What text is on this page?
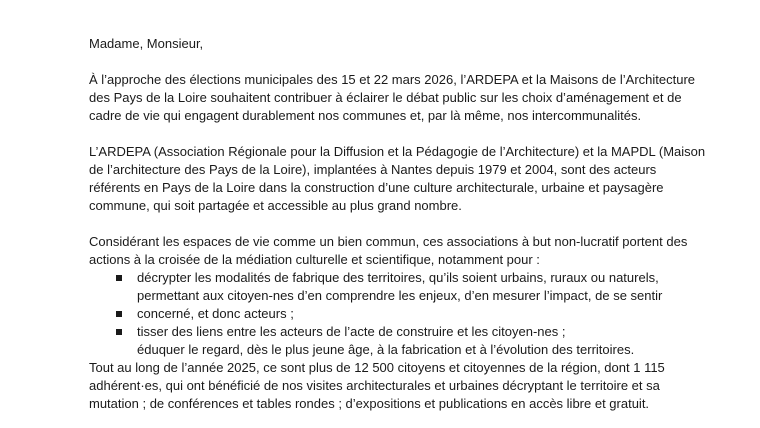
Madame, Monsieur,
À l’approche des élections municipales des 15 et 22 mars 2026, l’ARDEPA et la Maisons de l’Architecture
des Pays de la Loire souhaitent contribuer à éclairer le débat public sur les choix d’aménagement et de
cadre de vie qui engagent durablement nos communes et, par là même, nos intercommunalités.
L’ARDEPA (Association Régionale pour la Diffusion et la Pédagogie de l’Architecture) et la MAPDL (Maison
de l’architecture des Pays de la Loire), implantées à Nantes depuis 1979 et 2004, sont des acteurs
référents en Pays de la Loire dans la construction d’une culture architecturale, urbaine et paysagère
commune, qui soit partagée et accessible au plus grand nombre.
Considérant les espaces de vie comme un bien commun, ces associations à but non-lucratif portent des
actions à la croisée de la médiation culturelle et scientifique, notamment pour :
décrypter les modalités de fabrique des territoires, qu’ils soient urbains, ruraux ou naturels,
permettant aux citoyen-nes d’en comprendre les enjeux, d’en mesurer l’impact, de se sentir
concerné, et donc acteurs ;
tisser des liens entre les acteurs de l’acte de construire et les citoyen-nes ;
éduquer le regard, dès le plus jeune âge, à la fabrication et à l’évolution des territoires.
Tout au long de l’année 2025, ce sont plus de 12 500 citoyens et citoyennes de la région, dont 1 115
adhérent·es, qui ont bénéficié de nos visites architecturales et urbaines décryptant le territoire et sa
mutation ; de conférences et tables rondes ; d’expositions et publications en accès libre et gratuit.
